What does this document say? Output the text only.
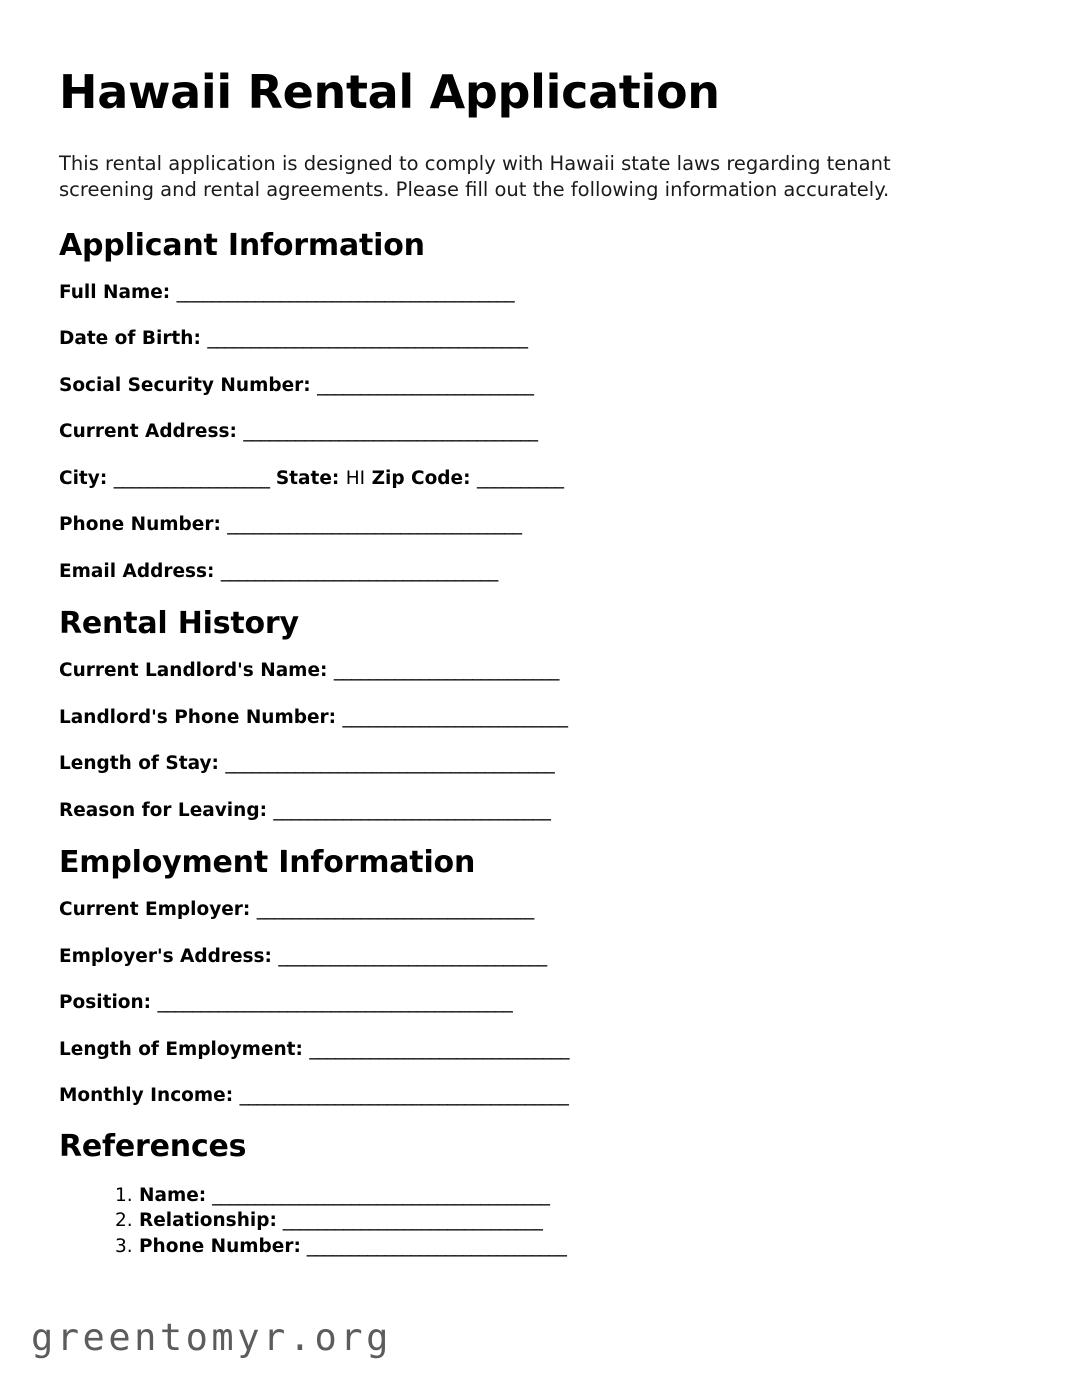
Hawaii Rental Application

This rental application is designed to comply with Hawaii state laws regarding tenant screening and rental agreements. Please fill out the following information accurately.

Applicant Information
Full Name: _______________________________________
Date of Birth: _____________________________________
Social Security Number: _________________________
Current Address: __________________________________
City: __________________ State: HI Zip Code: __________
Phone Number: __________________________________
Email Address: ________________________________
Rental History
Current Landlord's Name: __________________________
Landlord's Phone Number: __________________________
Length of Stay: ______________________________________
Reason for Leaving: ________________________________
Employment Information
Current Employer: ________________________________
Employer's Address: _______________________________
Position: _________________________________________
Length of Employment: ______________________________
Monthly Income: ______________________________________
References
1. Name: _______________________________________
2. Relationship: ______________________________
3. Phone Number: ______________________________
greentomyr.org
